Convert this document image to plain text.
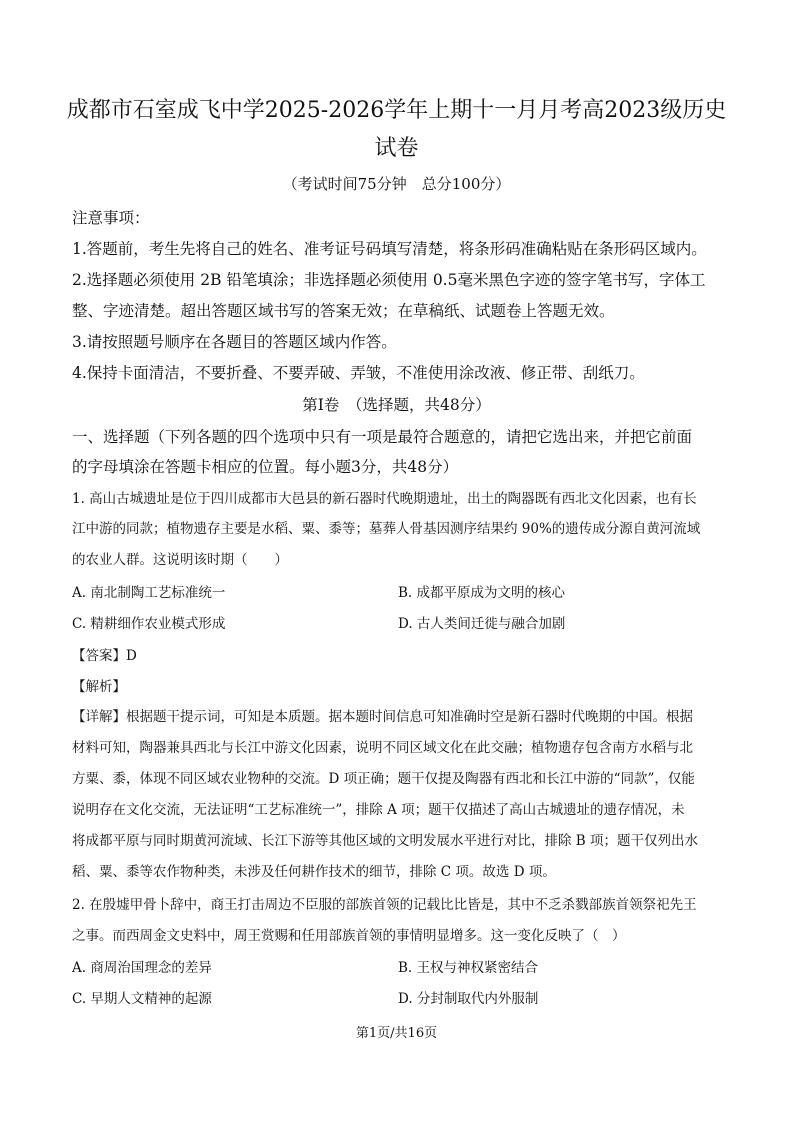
成都市石室成飞中学2025-2026学年上期十一月月考高2023级历史试卷
（考试时间75分钟　总分100分）
注意事项：
1.答题前，考生先将自己的姓名、准考证号码填写清楚，将条形码准确粘贴在条形码区域内。
2.选择题必须使用 2B 铅笔填涂；非选择题必须使用 0.5毫米黑色字迹的签字笔书写，字体工
整、字迹清楚。超出答题区域书写的答案无效；在草稿纸、试题卷上答题无效。
3.请按照题号顺序在各题目的答题区域内作答。
4.保持卡面清洁，不要折叠、不要弄破、弄皱，不准使用涂改液、修正带、刮纸刀。
第Ⅰ卷　（选择题，共48分）
一、选择题（下列各题的四个选项中只有一项是最符合题意的，请把它选出来，并把它前面
的字母填涂在答题卡相应的位置。每小题3分，共48分）
1. 高山古城遗址是位于四川成都市大邑县的新石器时代晚期遗址，出土的陶器既有西北文化因素，也有长
江中游的同款；植物遗存主要是水稻、粟、黍等；墓葬人骨基因测序结果约 90%的遗传成分源自黄河流域
的农业人群。这说明该时期（　　）
A. 南北制陶工艺标准统一	B. 成都平原成为文明的核心
C. 精耕细作农业模式形成	D. 古人类间迁徙与融合加剧
【答案】D
【解析】
【详解】根据题干提示词，可知是本质题。据本题时间信息可知准确时空是新石器时代晚期的中国。根据
材料可知，陶器兼具西北与长江中游文化因素，说明不同区域文化在此交融；植物遗存包含南方水稻与北
方粟、黍，体现不同区域农业物种的交流。D 项正确；题干仅提及陶器有西北和长江中游的“同款”，仅能
说明存在文化交流，无法证明“工艺标准统一”，排除 A 项；题干仅描述了高山古城遗址的遗存情况，未
将成都平原与同时期黄河流域、长江下游等其他区域的文明发展水平进行对比，排除 B 项；题干仅列出水
稻、粟、黍等农作物种类，未涉及任何耕作技术的细节，排除 C 项。故选 D 项。
2. 在殷墟甲骨卜辞中，商王打击周边不臣服的部族首领的记载比比皆是，其中不乏杀戮部族首领祭祀先王
之事。而西周金文史料中，周王赏赐和任用部族首领的事情明显增多。这一变化反映了（　）
A. 商周治国理念的差异	B. 王权与神权紧密结合
C. 早期人文精神的起源	D. 分封制取代内外服制
第1页/共16页
